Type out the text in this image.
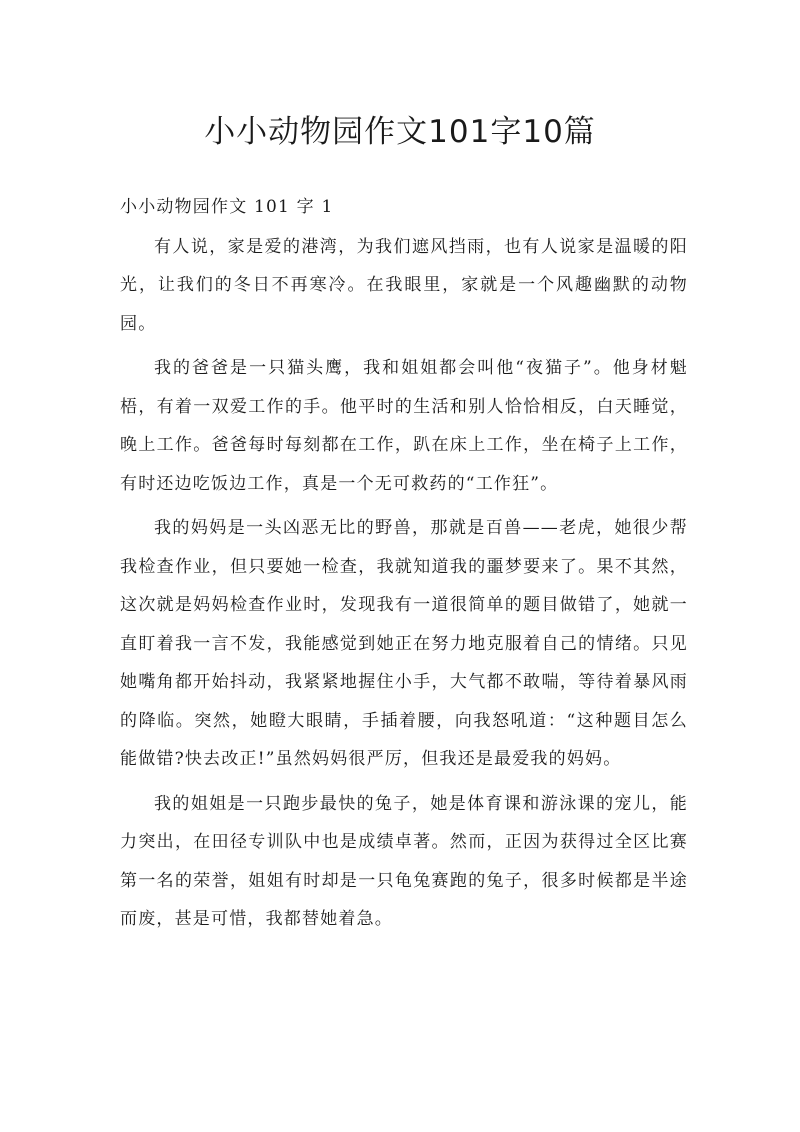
小小动物园作文101字10篇
小小动物园作文 101 字 1

有人说，家是爱的港湾，为我们遮风挡雨，也有人说家是温暖的阳光，让我们的冬日不再寒冷。在我眼里，家就是一个风趣幽默的动物园。

我的爸爸是一只猫头鹰，我和姐姐都会叫他“夜猫子”。他身材魁梧，有着一双爱工作的手。他平时的生活和别人恰恰相反，白天睡觉，晚上工作。爸爸每时每刻都在工作，趴在床上工作，坐在椅子上工作，有时还边吃饭边工作，真是一个无可救药的“工作狂”。

我的妈妈是一头凶恶无比的野兽，那就是百兽——老虎，她很少帮我检查作业，但只要她一检查，我就知道我的噩梦要来了。果不其然，这次就是妈妈检查作业时，发现我有一道很简单的题目做错了，她就一直盯着我一言不发，我能感觉到她正在努力地克服着自己的情绪。只见她嘴角都开始抖动，我紧紧地握住小手，大气都不敢喘，等待着暴风雨的降临。突然，她瞪大眼睛，手插着腰，向我怒吼道：“这种题目怎么能做错?快去改正!”虽然妈妈很严厉，但我还是最爱我的妈妈。

我的姐姐是一只跑步最快的兔子，她是体育课和游泳课的宠儿，能力突出，在田径专训队中也是成绩卓著。然而，正因为获得过全区比赛第一名的荣誉，姐姐有时却是一只龟兔赛跑的兔子，很多时候都是半途而废，甚是可惜，我都替她着急。
